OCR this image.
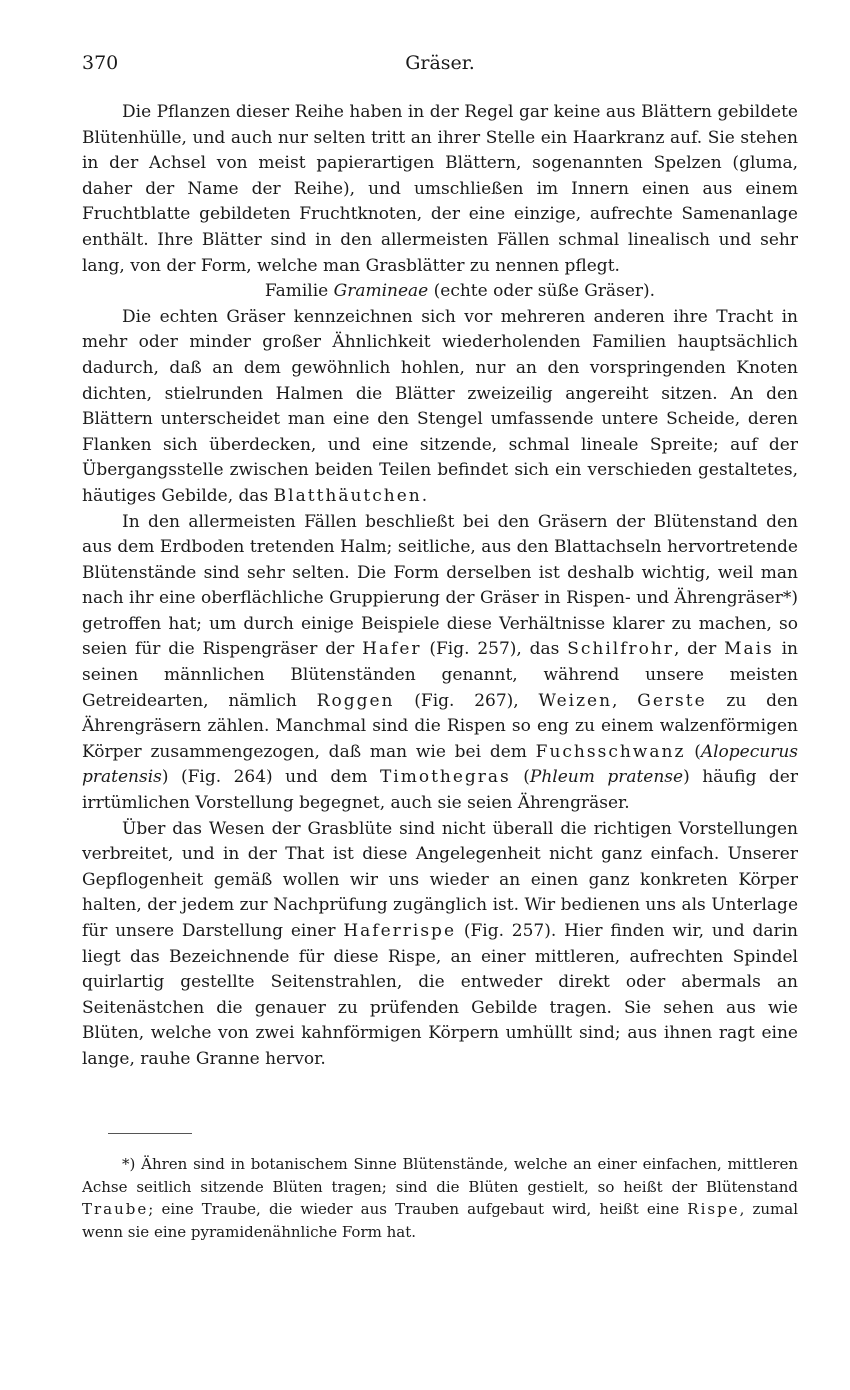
370	Gräser.

Die Pflanzen dieser Reihe haben in der Regel gar keine aus Blättern gebildete Blütenhülle, und auch nur selten tritt an ihrer Stelle ein Haarkranz auf. Sie stehen in der Achsel von meist papierartigen Blättern, sogenannten Spelzen (gluma, daher der Name der Reihe), und umschließen im Innern einen aus einem Fruchtblatte gebildeten Fruchtknoten, der eine einzige, aufrechte Samenanlage enthält. Ihre Blätter sind in den allermeisten Fällen schmal linealisch und sehr lang, von der Form, welche man Grasblätter zu nennen pflegt.

Familie Gramineae (echte oder süße Gräser).

Die echten Gräser kennzeichnen sich vor mehreren anderen ihre Tracht in mehr oder minder großer Ähnlichkeit wiederholenden Familien hauptsächlich dadurch, daß an dem gewöhnlich hohlen, nur an den vorspringenden Knoten dichten, stielrunden Halmen die Blätter zweizeilig angereiht sitzen. An den Blättern unterscheidet man eine den Stengel umfassende untere Scheide, deren Flanken sich überdecken, und eine sitzende, schmal lineale Spreite; auf der Übergangsstelle zwischen beiden Teilen befindet sich ein verschieden gestaltetes, häutiges Gebilde, das Blatthäutchen.

In den allermeisten Fällen beschließt bei den Gräsern der Blütenstand den aus dem Erdboden tretenden Halm; seitliche, aus den Blattachseln hervortretende Blütenstände sind sehr selten. Die Form derselben ist deshalb wichtig, weil man nach ihr eine oberflächliche Gruppierung der Gräser in Rispen- und Ährengräser*) getroffen hat; um durch einige Beispiele diese Verhältnisse klarer zu machen, so seien für die Rispengräser der Hafer (Fig. 257), das Schilfrohr, der Mais in seinen männlichen Blütenständen genannt, während unsere meisten Getreidearten, nämlich Roggen (Fig. 267), Weizen, Gerste zu den Ährengräsern zählen. Manchmal sind die Rispen so eng zu einem walzenförmigen Körper zusammengezogen, daß man wie bei dem Fuchsschwanz (Alopecurus pratensis) (Fig. 264) und dem Timothegras (Phleum pratense) häufig der irrtümlichen Vorstellung begegnet, auch sie seien Ährengräser.

Über das Wesen der Grasblüte sind nicht überall die richtigen Vorstellungen verbreitet, und in der That ist diese Angelegenheit nicht ganz einfach. Unserer Gepflogenheit gemäß wollen wir uns wieder an einen ganz konkreten Körper halten, der jedem zur Nachprüfung zugänglich ist. Wir bedienen uns als Unterlage für unsere Darstellung einer Haferrispe (Fig. 257). Hier finden wir, und darin liegt das Bezeichnende für diese Rispe, an einer mittleren, aufrechten Spindel quirlartig gestellte Seitenstrahlen, die entweder direkt oder abermals an Seitenästchen die genauer zu prüfenden Gebilde tragen. Sie sehen aus wie Blüten, welche von zwei kahnförmigen Körpern umhüllt sind; aus ihnen ragt eine lange, rauhe Granne hervor.

*) Ähren sind in botanischem Sinne Blütenstände, welche an einer einfachen, mittleren Achse seitlich sitzende Blüten tragen; sind die Blüten gestielt, so heißt der Blütenstand Traube; eine Traube, die wieder aus Trauben aufgebaut wird, heißt eine Rispe, zumal wenn sie eine pyramidenähnliche Form hat.
